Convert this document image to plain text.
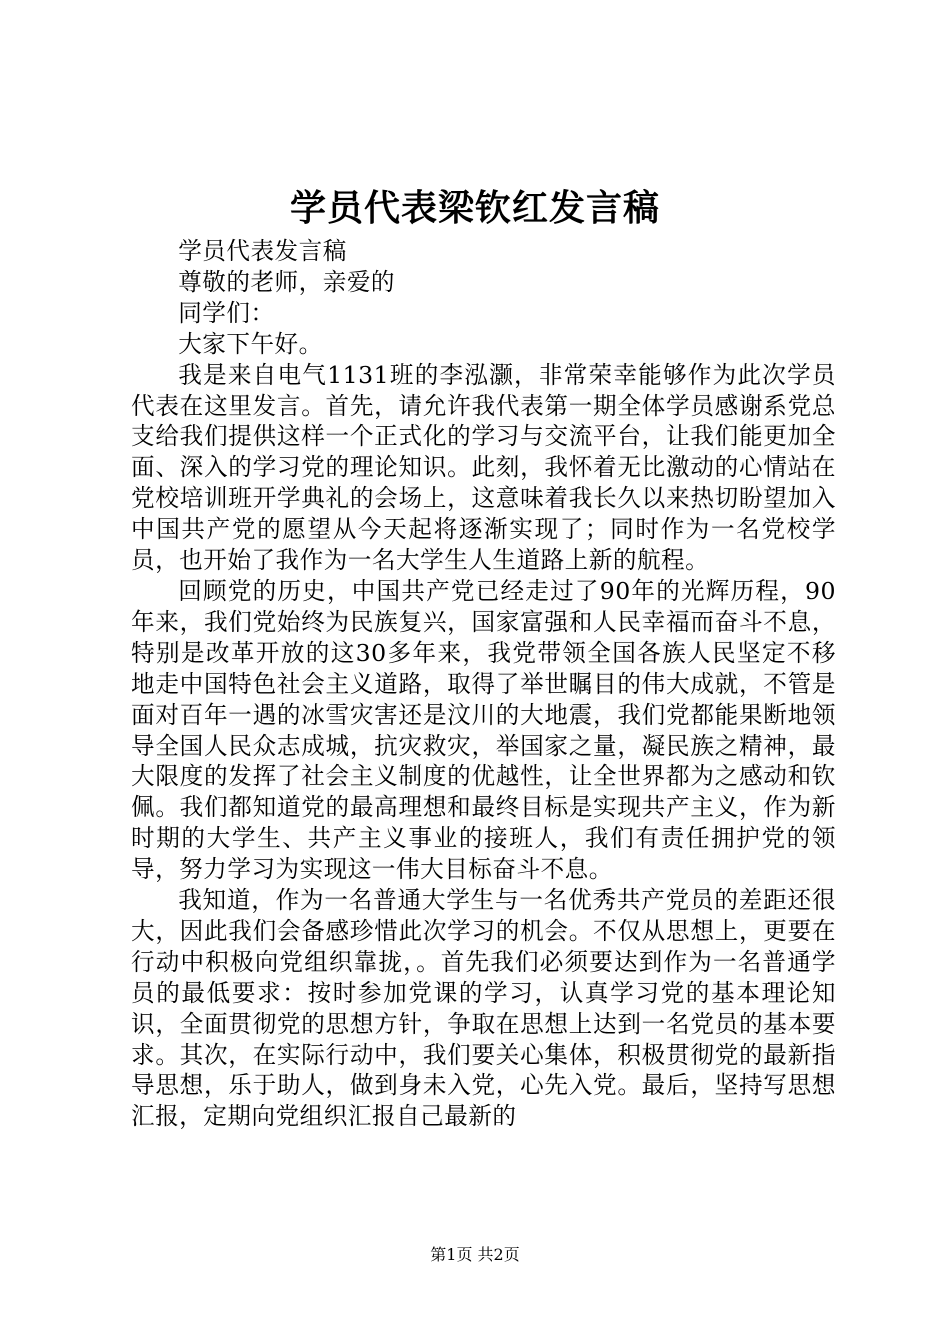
学员代表梁钦红发言稿

学员代表发言稿

尊敬的老师，亲爱的

同学们：

大家下午好。

我是来自电气1131班的李泓灏，非常荣幸能够作为此次学员代表在这里发言。首先，请允许我代表第一期全体学员感谢系党总支给我们提供这样一个正式化的学习与交流平台，让我们能更加全面、深入的学习党的理论知识。此刻，我怀着无比激动的心情站在党校培训班开学典礼的会场上，这意味着我长久以来热切盼望加入中国共产党的愿望从今天起将逐渐实现了；同时作为一名党校学员，也开始了我作为一名大学生人生道路上新的航程。

回顾党的历史，中国共产党已经走过了90年的光辉历程，90年来，我们党始终为民族复兴，国家富强和人民幸福而奋斗不息，特别是改革开放的这30多年来，我党带领全国各族人民坚定不移地走中国特色社会主义道路，取得了举世瞩目的伟大成就，不管是面对百年一遇的冰雪灾害还是汶川的大地震，我们党都能果断地领导全国人民众志成城，抗灾救灾，举国家之量，凝民族之精神，最大限度的发挥了社会主义制度的优越性，让全世界都为之感动和钦佩。我们都知道党的最高理想和最终目标是实现共产主义，作为新时期的大学生、共产主义事业的接班人，我们有责任拥护党的领导，努力学习为实现这一伟大目标奋斗不息。

我知道，作为一名普通大学生与一名优秀共产党员的差距还很大，因此我们会备感珍惜此次学习的机会。不仅从思想上，更要在行动中积极向党组织靠拢，。首先我们必须要达到作为一名普通学员的最低要求：按时参加党课的学习，认真学习党的基本理论知识，全面贯彻党的思想方针，争取在思想上达到一名党员的基本要求。其次，在实际行动中，我们要关心集体，积极贯彻党的最新指导思想，乐于助人，做到身未入党，心先入党。最后，坚持写思想汇报，定期向党组织汇报自己最新的

第1页 共2页
